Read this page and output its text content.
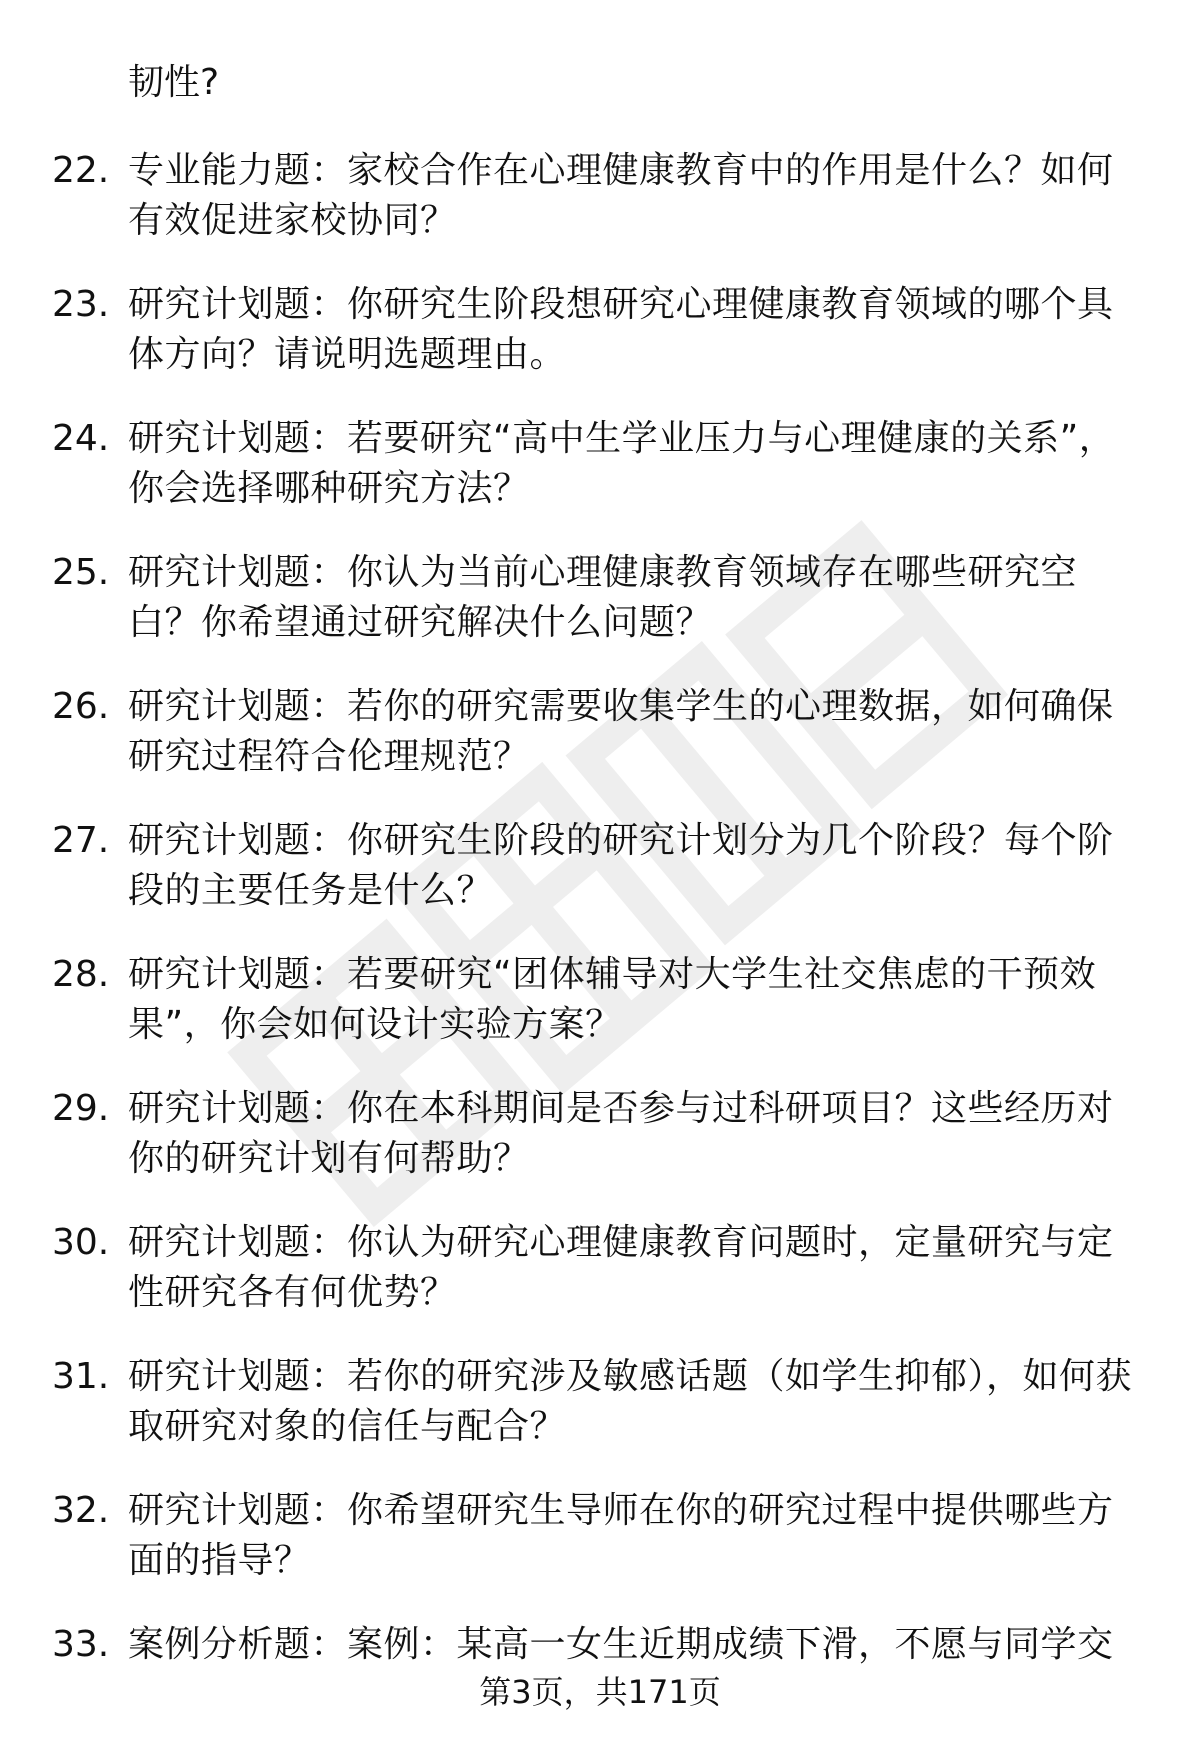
韧性?
22. 专业能力题：家校合作在心理健康教育中的作用是什么？如何有效促进家校协同？
23. 研究计划题：你研究生阶段想研究心理健康教育领域的哪个具体方向？请说明选题理由。
24. 研究计划题：若要研究“高中生学业压力与心理健康的关系”，你会选择哪种研究方法？
25. 研究计划题：你认为当前心理健康教育领域存在哪些研究空白？你希望通过研究解决什么问题？
26. 研究计划题：若你的研究需要收集学生的心理数据，如何确保研究过程符合伦理规范？
27. 研究计划题：你研究生阶段的研究计划分为几个阶段？每个阶段的主要任务是什么？
28. 研究计划题：若要研究“团体辅导对大学生社交焦虑的干预效果”，你会如何设计实验方案？
29. 研究计划题：你在本科期间是否参与过科研项目？这些经历对你的研究计划有何帮助？
30. 研究计划题：你认为研究心理健康教育问题时，定量研究与定性研究各有何优势？
31. 研究计划题：若你的研究涉及敏感话题（如学生抑郁），如何获取研究对象的信任与配合？
32. 研究计划题：你希望研究生导师在你的研究过程中提供哪些方面的指导？
33. 案例分析题：案例：某高一女生近期成绩下滑，不愿与同学交
第3页，共171页
